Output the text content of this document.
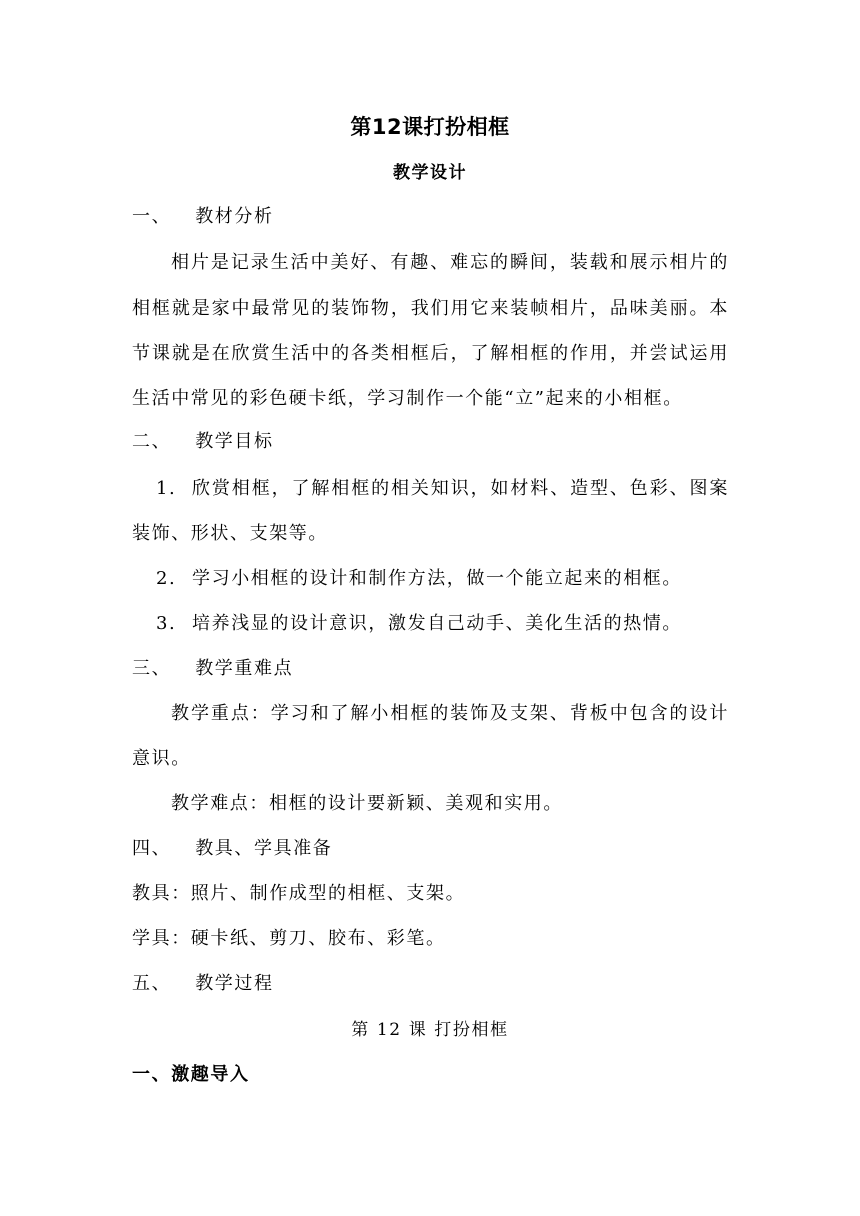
第12课打扮相框
教学设计
一、 教材分析
相片是记录生活中美好、有趣、难忘的瞬间，装载和展示相片的
相框就是家中最常见的装饰物，我们用它来装帧相片，品味美丽。本
节课就是在欣赏生活中的各类相框后，了解相框的作用，并尝试运用
生活中常见的彩色硬卡纸，学习制作一个能“立”起来的小相框。
二、 教学目标
1. 欣赏相框，了解相框的相关知识，如材料、造型、色彩、图案
装饰、形状、支架等。
2. 学习小相框的设计和制作方法，做一个能立起来的相框。
3. 培养浅显的设计意识，激发自己动手、美化生活的热情。
三、 教学重难点
教学重点：学习和了解小相框的装饰及支架、背板中包含的设计
意识。
教学难点：相框的设计要新颖、美观和实用。
四、 教具、学具准备
教具：照片、制作成型的相框、支架。
学具：硬卡纸、剪刀、胶布、彩笔。
五、 教学过程
第 12 课 打扮相框
一、激趣导入
